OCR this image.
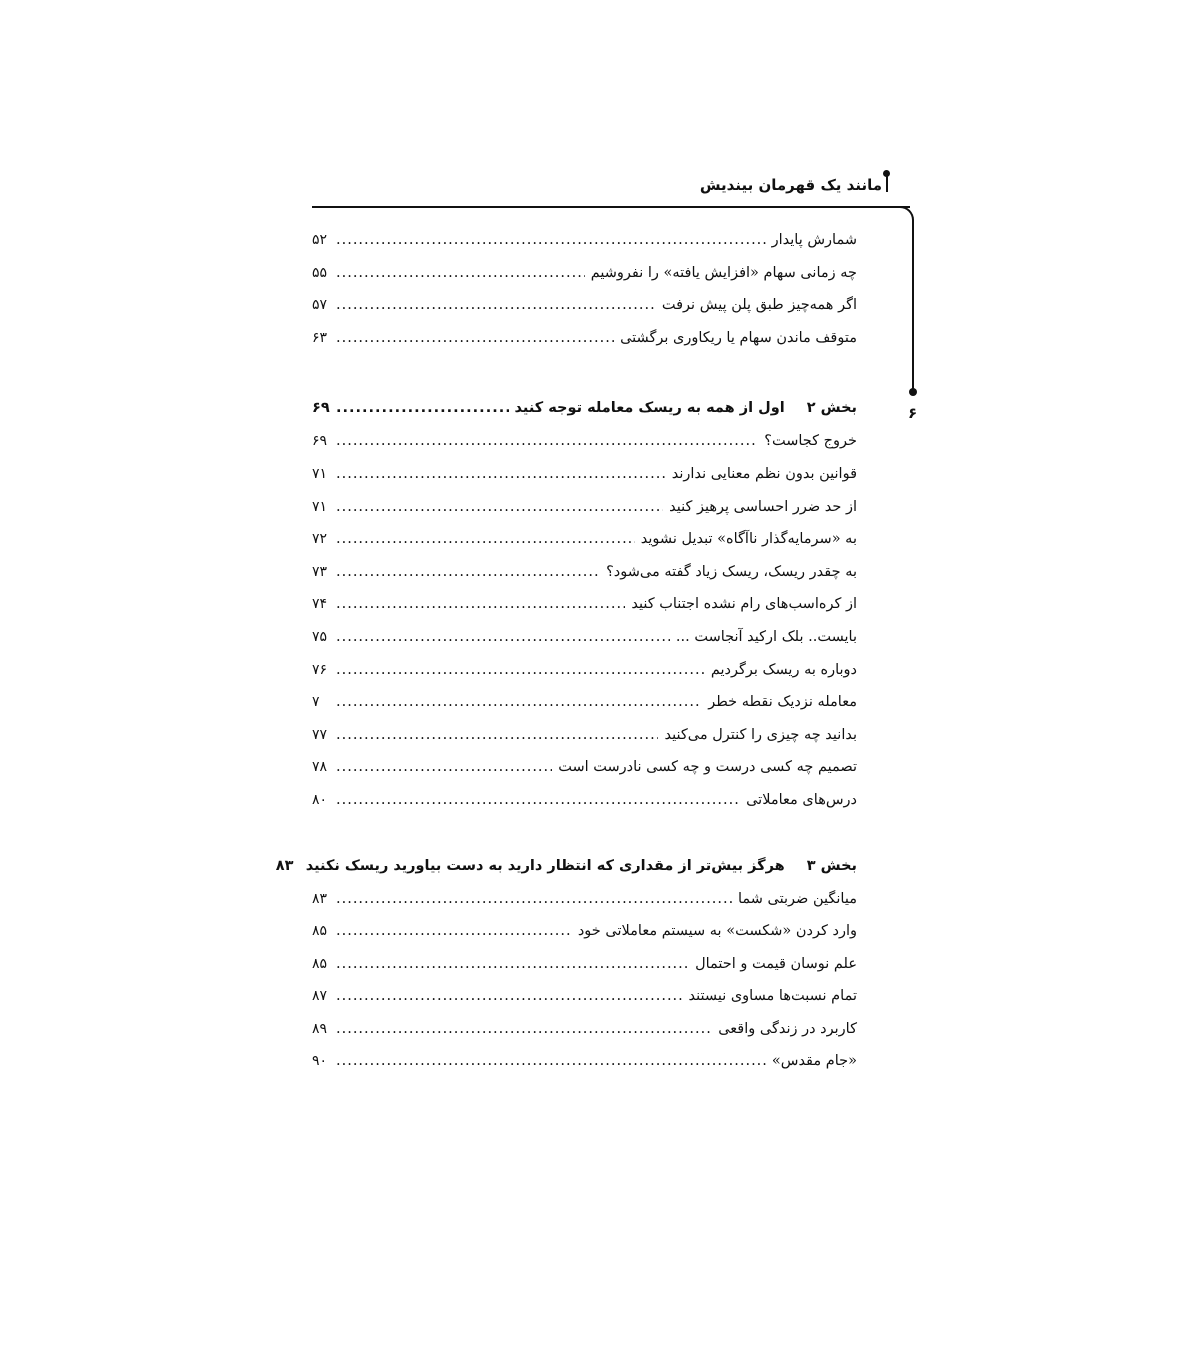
مانند یک قهرمان بیندیش
۶
شمارش پایدار
.....
۵۲
چه زمانی سهام «افزایش یافته» را نفروشیم
.....
۵۵
اگر همه‌چیز طبق پلن پیش نرفت
.....
۵۷
متوقف ماندن سهام یا ریکاوری برگشتی
.....
۶۳
بخش ۲اول از همه به ریسک معامله توجه کنید
.....
۶۹
خروج کجاست؟
.....
۶۹
قوانین بدون نظم معنایی ندارند
.....
۷۱
از حد ضرر احساسی پرهیز کنید
.....
۷۱
به «سرمایه‌گذار ناآگاه» تبدیل نشوید
.....
۷۲
به چقدر ریسک، ریسک زیاد گفته می‌شود؟
.....
۷۳
از کره‌اسب‌های رام نشده اجتناب کنید
.....
۷۴
بایست.. بلک ارکید آنجاست ...
.....
۷۵
دوباره به ریسک برگردیم
.....
۷۶
معامله نزدیک نقطه خطر
.....
۷
بدانید چه چیزی را کنترل می‌کنید
.....
۷۷
تصمیم چه کسی درست و چه کسی نادرست است
.....
۷۸
درس‌های معاملاتی
.....
۸۰
بخش ۳هرگز بیش‌تر از مقداری که انتظار دارید به دست بیاورید ریسک نکنید
۸۳
میانگین ضربتی شما
.....
۸۳
وارد کردن «شکست» به سیستم معاملاتی خود
.....
۸۵
علم نوسان قیمت و احتمال
.....
۸۵
تمام نسبت‌ها مساوی نیستند
.....
۸۷
کاربرد در زندگی واقعی
.....
۸۹
«جام مقدس»
.....
۹۰
